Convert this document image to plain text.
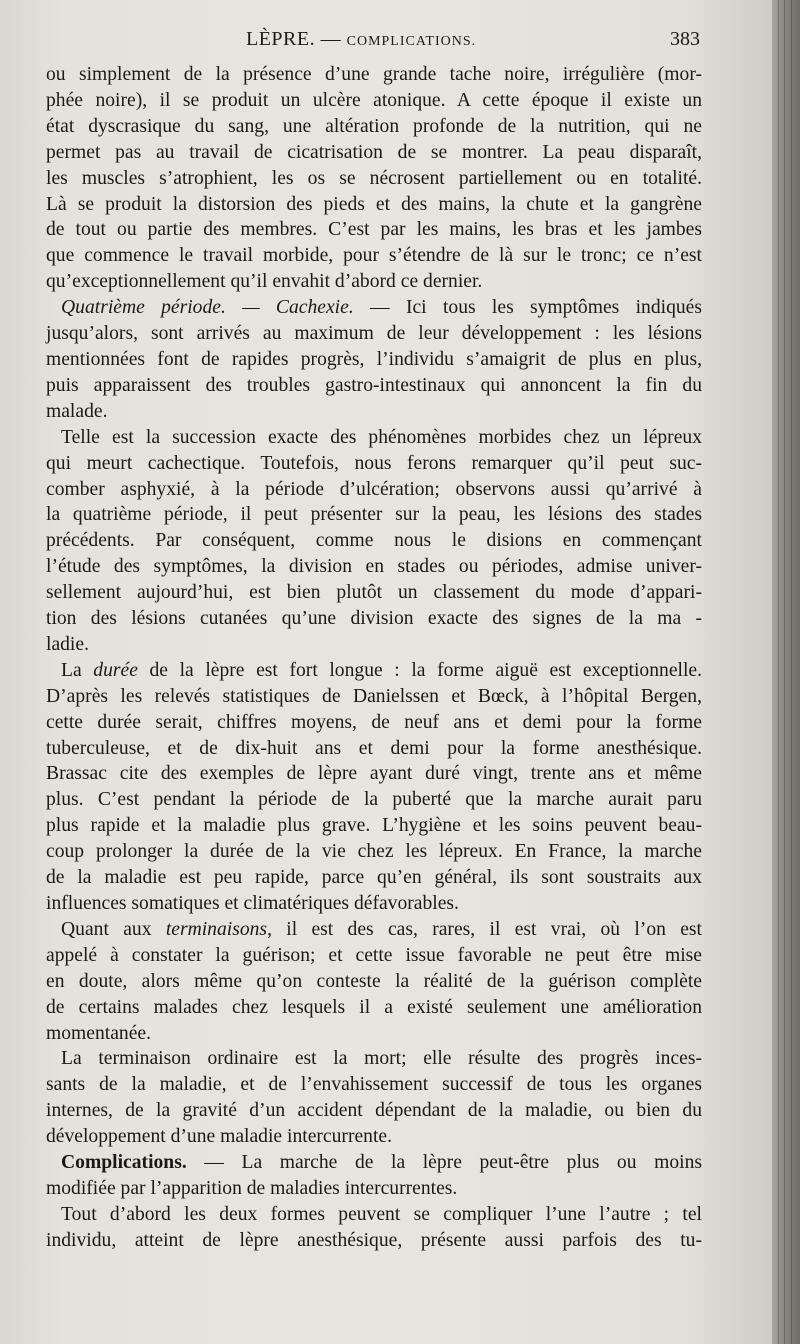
LÈPRE. — COMPLICATIONS.	383
ou simplement de la présence d’une grande tache noire, irrégulière (mor-
phée noire), il se produit un ulcère atonique. A cette époque il existe un
état dyscrasique du sang, une altération profonde de la nutrition, qui ne
permet pas au travail de cicatrisation de se montrer. La peau disparaît,
les muscles s’atrophient, les os se nécrosent partiellement ou en totalité.
Là se produit la distorsion des pieds et des mains, la chute et la gangrène
de tout ou partie des membres. C’est par les mains, les bras et les jambes
que commence le travail morbide, pour s’étendre de là sur le tronc; ce n’est
qu’exceptionnellement qu’il envahit d’abord ce dernier.
Quatrième période. — Cachexie. — Ici tous les symptômes indiqués
jusqu’alors, sont arrivés au maximum de leur développement : les lésions
mentionnées font de rapides progrès, l’individu s’amaigrit de plus en plus,
puis apparaissent des troubles gastro-intestinaux qui annoncent la fin du
malade.
Telle est la succession exacte des phénomènes morbides chez un lépreux
qui meurt cachectique. Toutefois, nous ferons remarquer qu’il peut suc-
comber asphyxié, à la période d’ulcération; observons aussi qu’arrivé à
la quatrième période, il peut présenter sur la peau, les lésions des stades
précédents. Par conséquent, comme nous le disions en commençant
l’étude des symptômes, la division en stades ou périodes, admise univer-
sellement aujourd’hui, est bien plutôt un classement du mode d’appari-
tion des lésions cutanées qu’une division exacte des signes de la ma -
ladie.
La durée de la lèpre est fort longue : la forme aiguë est exceptionnelle.
D’après les relevés statistiques de Danielssen et Bœck, à l’hôpital Bergen,
cette durée serait, chiffres moyens, de neuf ans et demi pour la forme
tuberculeuse, et de dix-huit ans et demi pour la forme anesthésique.
Brassac cite des exemples de lèpre ayant duré vingt, trente ans et même
plus. C’est pendant la période de la puberté que la marche aurait paru
plus rapide et la maladie plus grave. L’hygiène et les soins peuvent beau-
coup prolonger la durée de la vie chez les lépreux. En France, la marche
de la maladie est peu rapide, parce qu’en général, ils sont soustraits aux
influences somatiques et climatériques défavorables.
Quant aux terminaisons, il est des cas, rares, il est vrai, où l’on est
appelé à constater la guérison; et cette issue favorable ne peut être mise
en doute, alors même qu’on conteste la réalité de la guérison complète
de certains malades chez lesquels il a existé seulement une amélioration
momentanée.
La terminaison ordinaire est la mort; elle résulte des progrès inces-
sants de la maladie, et de l’envahissement successif de tous les organes
internes, de la gravité d’un accident dépendant de la maladie, ou bien du
développement d’une maladie intercurrente.
Complications. — La marche de la lèpre peut-être plus ou moins
modifiée par l’apparition de maladies intercurrentes.
Tout d’abord les deux formes peuvent se compliquer l’une l’autre ; tel
individu, atteint de lèpre anesthésique, présente aussi parfois des tu-
